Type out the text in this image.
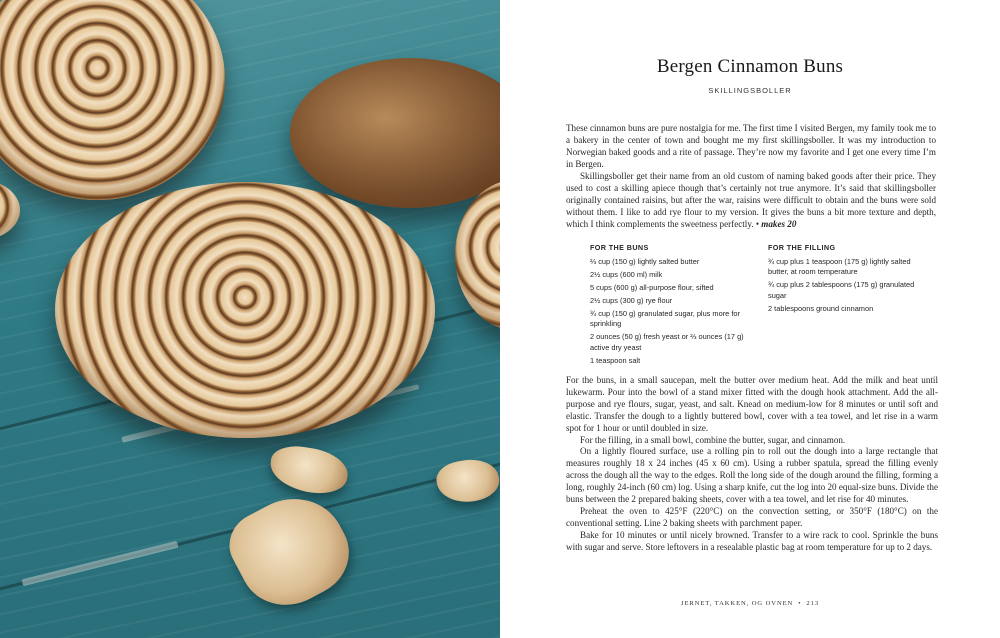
Bergen Cinnamon Buns
SKILLINGSBOLLER

These cinnamon buns are pure nostalgia for me. The first time I visited Bergen, my family took me to a bakery in the center of town and bought me my first skillingsboller. It was my introduction to Norwegian baked goods and a rite of passage. They’re now my favorite and I get one every time I’m in Bergen.

Skillingsboller get their name from an old custom of naming baked goods after their price. They used to cost a skilling apiece though that’s certainly not true anymore. It’s said that skillingsboller originally contained raisins, but after the war, raisins were difficult to obtain and the buns were sold without them. I like to add rye flour to my version. It gives the buns a bit more texture and depth, which I think complements the sweetness perfectly. • makes 20

FOR THE BUNS
⅔ cup (150 g) lightly salted butter
2½ cups (600 ml) milk
5 cups (600 g) all-purpose flour, sifted
2½ cups (300 g) rye flour
¾ cup (150 g) granulated sugar, plus more for sprinkling
2 ounces (50 g) fresh yeast or ⅔ ounces (17 g) active dry yeast
1 teaspoon salt
FOR THE FILLING
¾ cup plus 1 teaspoon (175 g) lightly salted butter, at room temperature
¾ cup plus 2 tablespoons (175 g) granulated sugar
2 tablespoons ground cinnamon

For the buns, in a small saucepan, melt the butter over medium heat. Add the milk and heat until lukewarm. Pour into the bowl of a stand mixer fitted with the dough hook attachment. Add the all-purpose and rye flours, sugar, yeast, and salt. Knead on medium-low for 8 minutes or until soft and elastic. Transfer the dough to a lightly buttered bowl, cover with a tea towel, and let rise in a warm spot for 1 hour or until doubled in size.

For the filling, in a small bowl, combine the butter, sugar, and cinnamon.

On a lightly floured surface, use a rolling pin to roll out the dough into a large rectangle that measures roughly 18 x 24 inches (45 x 60 cm). Using a rubber spatula, spread the filling evenly across the dough all the way to the edges. Roll the long side of the dough around the filling, forming a long, roughly 24-inch (60 cm) log. Using a sharp knife, cut the log into 20 equal-size buns. Divide the buns between the 2 prepared baking sheets, cover with a tea towel, and let rise for 40 minutes.

Preheat the oven to 425°F (220°C) on the convection setting, or 350°F (180°C) on the conventional setting. Line 2 baking sheets with parchment paper.

Bake for 10 minutes or until nicely browned. Transfer to a wire rack to cool. Sprinkle the buns with sugar and serve. Store leftovers in a resealable plastic bag at room temperature for up to 2 days.

JERNET, TAKKEN, OG OVNEN • 213
